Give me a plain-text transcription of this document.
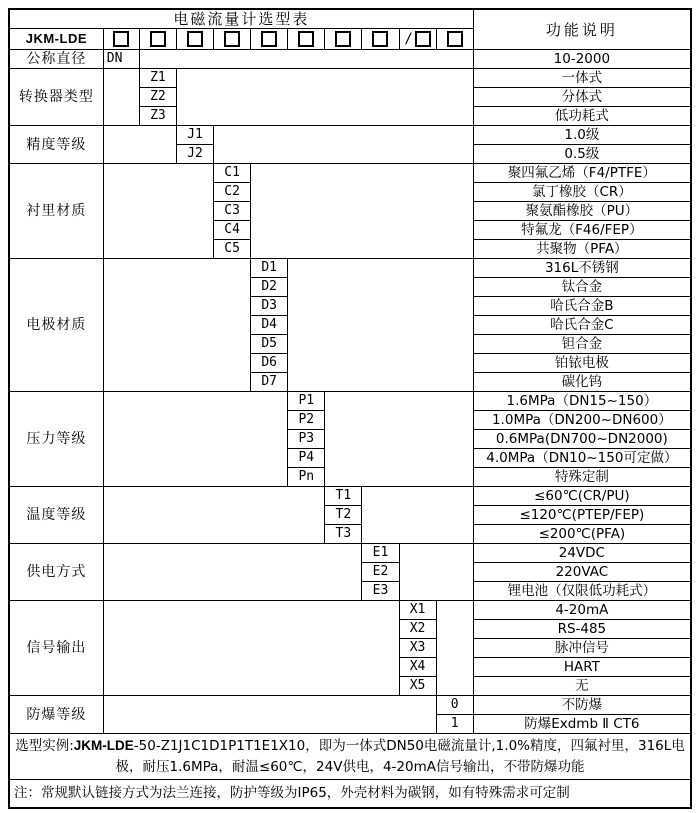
电磁流量计选型表											功能说明
JKM-LDE									/		
公称直径	DN										10-2000
转换器类型		Z1									一体式
		Z2									分体式
		Z3									低功耗式
精度等级			J1								1.0级
			J2								0.5级
衬里材质				C1							聚四氟乙烯（F4/PTFE）
				C2							氯丁橡胶（CR）
				C3							聚氨酯橡胶（PU）
				C4							特氟龙（F46/FEP）
				C5							共聚物（PFA）
电极材质					D1						316L不锈钢
					D2						钛合金
					D3						哈氏合金B
					D4						哈氏合金C
					D5						钽合金
					D6						铂铱电极
					D7						碳化钨
压力等级						P1					1.6MPa（DN15~150）
						P2					1.0MPa（DN200~DN600）
						P3					0.6MPa(DN700~DN2000)
						P4					4.0MPa（DN10~150可定做）
						Pn					特殊定制
温度等级							T1				≤60℃(CR/PU)
							T2				≤120℃(PTEP/FEP)
							T3				≤200℃(PFA)
供电方式								E1			24VDC
								E2			220VAC
								E3			锂电池（仅限低功耗式）
信号输出									X1		4-20mA
									X2		RS-485
									X3		脉冲信号
									X4		HART
									X5		无
防爆等级										0	不防爆
										1	防爆Exdmb Ⅱ CT6
选型实例:JKM-LDE-50-Z1J1C1D1P1T1E1X10，即为一体式DN50电磁流量计,1.0%精度，四氟衬里，316L电极，耐压1.6MPa，耐温≤60℃，24V供电，4-20mA信号输出，不带防爆功能											
注：常规默认链接方式为法兰连接，防护等级为IP65，外壳材料为碳钢，如有特殊需求可定制											
